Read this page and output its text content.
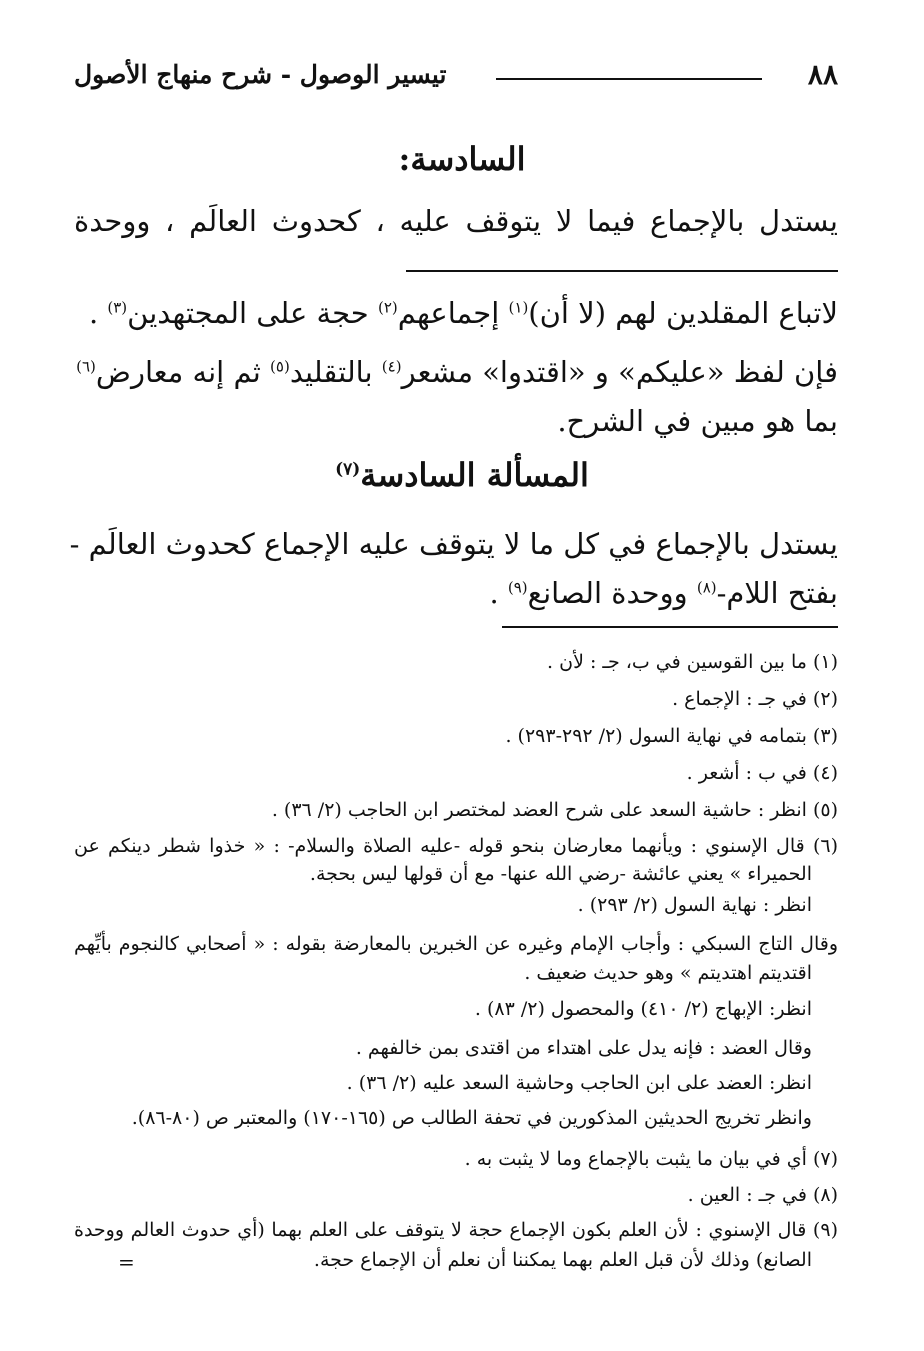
٨٨
تيسير الوصول - شرح منهاج الأصول
السادسة:
يستدل بالإجماع فيما لا يتوقف عليه ، كحدوث العالَم ، ووحدة
لاتباع المقلدين لهم (لا أن)$^{(١)}$ إجماعهم$^{(٢)}$ حجة على المجتهدين$^{(٣)}$ .
فإن لفظ «عليكم» و «اقتدوا» مشعر$^{(٤)}$ بالتقليد$^{(٥)}$ ثم إنه معارض$^{(٦)}$
بما هو مبين في الشرح.
المسألة السادسة$^{(٧)}$
يستدل بالإجماع في كل ما لا يتوقف عليه الإجماع كحدوث العالَم -
بفتح اللام-$^{(٨)}$ ووحدة الصانع$^{(٩)}$ .
(١) ما بين القوسين في ب، جـ : لأن .
(٢) في جـ : الإجماع .
(٣) بتمامه في نهاية السول (٢/ ٢٩٢-٢٩٣) .
(٤) في ب : أشعر .
(٥) انظر : حاشية السعد على شرح العضد لمختصر ابن الحاجب (٢/ ٣٦) .
(٦) قال الإسنوي : ويأنهما معارضان بنحو قوله -عليه الصلاة والسلام- : « خذوا شطر دينكم عن
الحميراء » يعني عائشة -رضي الله عنها- مع أن قولها ليس بحجة.
انظر : نهاية السول (٢/ ٢٩٣) .
وقال التاج السبكي : وأجاب الإمام وغيره عن الخبرين بالمعارضة بقوله : « أصحابي كالنجوم بأيِّهم
اقتديتم اهتديتم » وهو حديث ضعيف .
انظر: الإبهاج (٢/ ٤١٠) والمحصول (٢/ ٨٣) .
وقال العضد : فإنه يدل على اهتداء من اقتدى بمن خالفهم .
انظر: العضد على ابن الحاجب وحاشية السعد عليه (٢/ ٣٦) .
وانظر تخريج الحديثين المذكورين في تحفة الطالب ص (١٦٥-١٧٠) والمعتبر ص (٨٠-٨٦).
(٧) أي في بيان ما يثبت بالإجماع وما لا يثبت به .
(٨) في جـ : العين .
(٩) قال الإسنوي : لأن العلم بكون الإجماع حجة لا يتوقف على العلم بهما (أي حدوث العالم ووحدة
الصانع) وذلك لأن قبل العلم بهما يمكننا أن نعلم أن الإجماع حجة.
=
